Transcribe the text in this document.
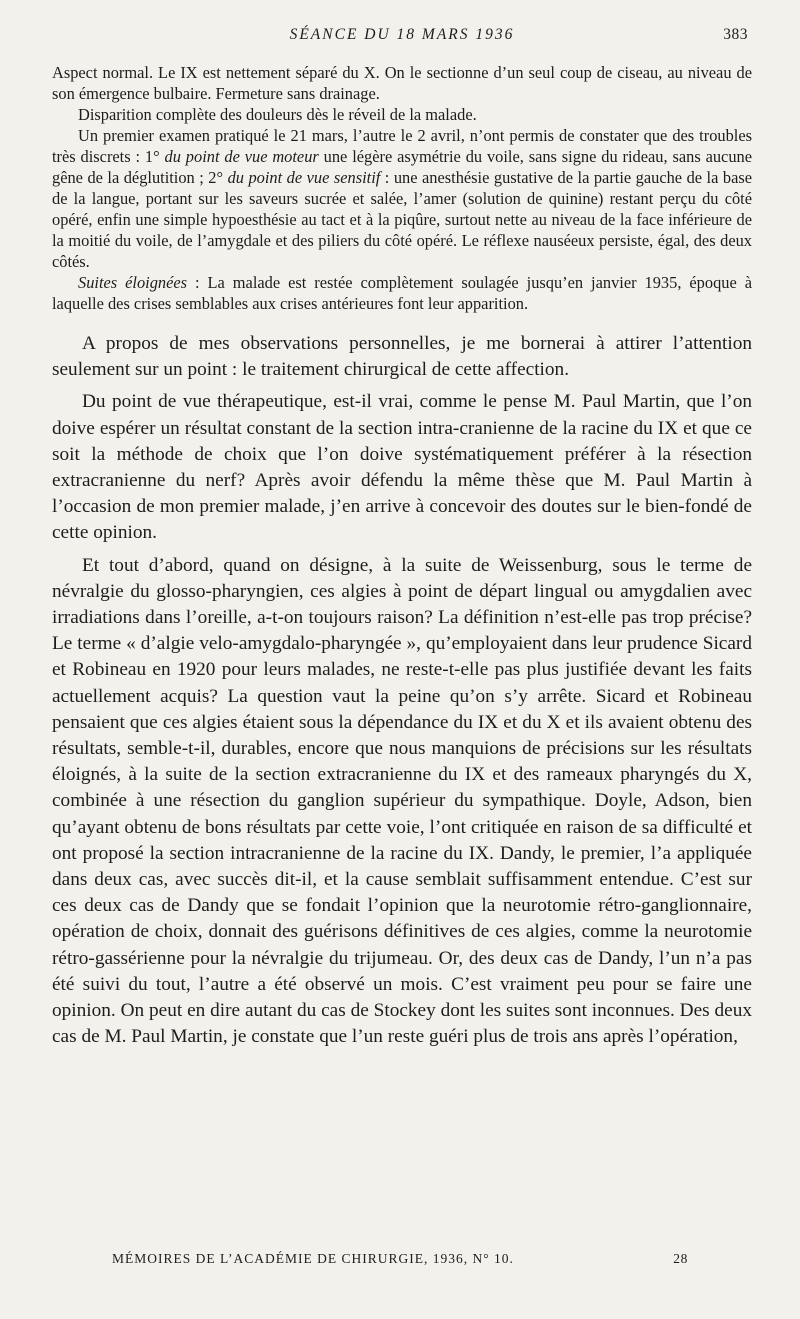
SÉANCE DU 18 MARS 1936	383

Aspect normal. Le IX est nettement séparé du X. On le sectionne d’un seul coup de ciseau, au niveau de son émergence bulbaire. Fermeture sans drainage.

Disparition complète des douleurs dès le réveil de la malade.

Un premier examen pratiqué le 21 mars, l’autre le 2 avril, n’ont permis de constater que des troubles très discrets : 1° du point de vue moteur une légère asymétrie du voile, sans signe du rideau, sans aucune gêne de la déglutition ; 2° du point de vue sensitif : une anesthésie gustative de la partie gauche de la base de la langue, portant sur les saveurs sucrée et salée, l’amer (solution de quinine) restant perçu du côté opéré, enfin une simple hypoesthésie au tact et à la piqûre, surtout nette au niveau de la face inférieure de la moitié du voile, de l’amygdale et des piliers du côté opéré. Le réflexe nauséeux persiste, égal, des deux côtés.

Suites éloignées : La malade est restée complètement soulagée jusqu’en janvier 1935, époque à laquelle des crises semblables aux crises antérieures font leur apparition.

A propos de mes observations personnelles, je me bornerai à attirer l’attention seulement sur un point : le traitement chirurgical de cette affection.

Du point de vue thérapeutique, est-il vrai, comme le pense M. Paul Martin, que l’on doive espérer un résultat constant de la section intra-cranienne de la racine du IX et que ce soit la méthode de choix que l’on doive systématiquement préférer à la résection extracranienne du nerf? Après avoir défendu la même thèse que M. Paul Martin à l’occasion de mon premier malade, j’en arrive à concevoir des doutes sur le bien-fondé de cette opinion.

Et tout d’abord, quand on désigne, à la suite de Weissenburg, sous le terme de névralgie du glosso-pharyngien, ces algies à point de départ lingual ou amygdalien avec irradiations dans l’oreille, a-t-on toujours raison? La définition n’est-elle pas trop précise? Le terme « d’algie velo-amygdalo-pharyngée », qu’employaient dans leur prudence Sicard et Robineau en 1920 pour leurs malades, ne reste-t-elle pas plus justifiée devant les faits actuellement acquis? La question vaut la peine qu’on s’y arrête. Sicard et Robineau pensaient que ces algies étaient sous la dépendance du IX et du X et ils avaient obtenu des résultats, semble-t-il, durables, encore que nous manquions de précisions sur les résultats éloignés, à la suite de la section extracranienne du IX et des rameaux pharyngés du X, combinée à une résection du ganglion supérieur du sympathique. Doyle, Adson, bien qu’ayant obtenu de bons résultats par cette voie, l’ont critiquée en raison de sa difficulté et ont proposé la section intracranienne de la racine du IX. Dandy, le premier, l’a appliquée dans deux cas, avec succès dit-il, et la cause semblait suffisamment entendue. C’est sur ces deux cas de Dandy que se fondait l’opinion que la neurotomie rétro-ganglionnaire, opération de choix, donnait des guérisons définitives de ces algies, comme la neurotomie rétro-gassérienne pour la névralgie du trijumeau. Or, des deux cas de Dandy, l’un n’a pas été suivi du tout, l’autre a été observé un mois. C’est vraiment peu pour se faire une opinion. On peut en dire autant du cas de Stockey dont les suites sont inconnues. Des deux cas de M. Paul Martin, je constate que l’un reste guéri plus de trois ans après l’opération,

MÉMOIRES DE L’ACADÉMIE DE CHIRURGIE, 1936, N° 10.	28
